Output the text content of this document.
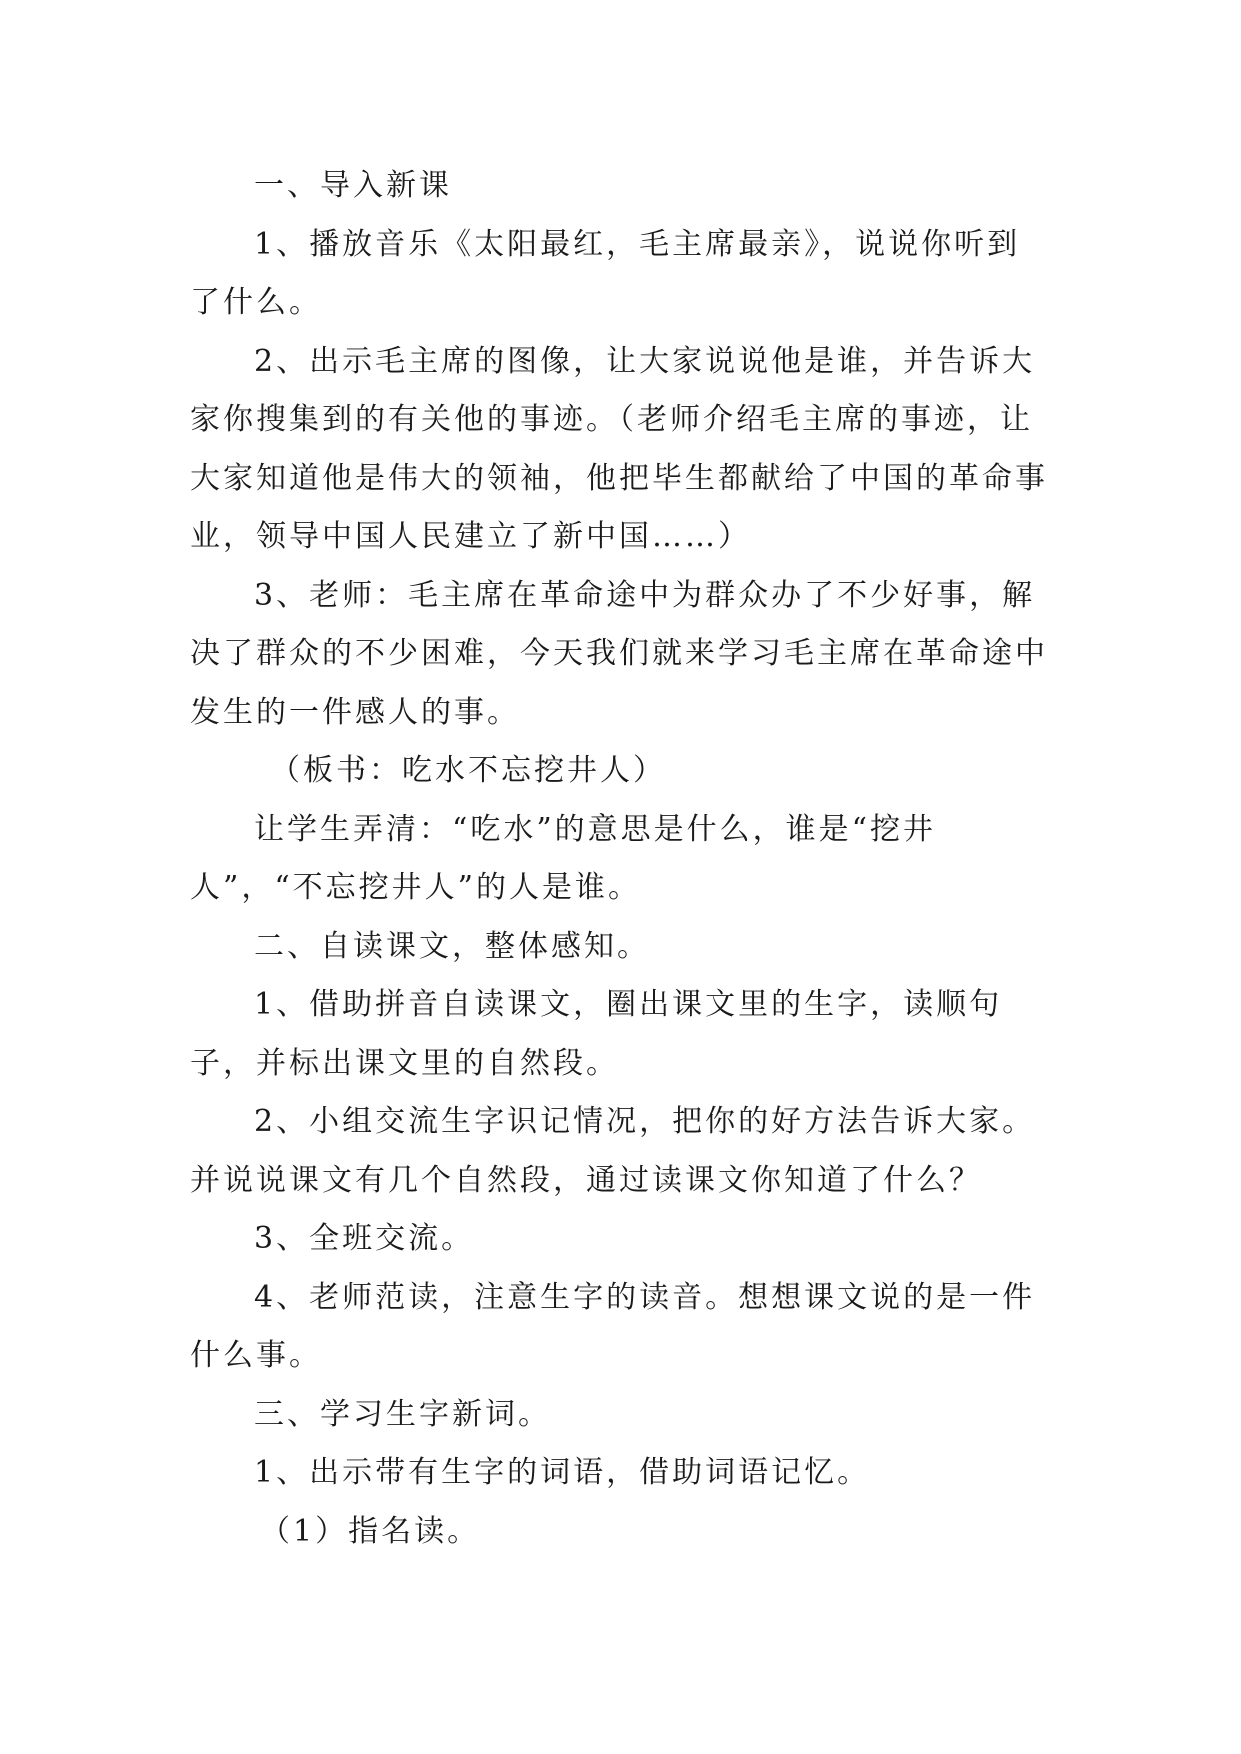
一、导入新课

1、播放音乐《太阳最红，毛主席最亲》，说说你听到了什么。

2、出示毛主席的图像，让大家说说他是谁，并告诉大家你搜集到的有关他的事迹。（老师介绍毛主席的事迹，让大家知道他是伟大的领袖，他把毕生都献给了中国的革命事业，领导中国人民建立了新中国……）

3、老师：毛主席在革命途中为群众办了不少好事，解决了群众的不少困难，今天我们就来学习毛主席在革命途中发生的一件感人的事。

（板书：吃水不忘挖井人）

让学生弄清：“吃水”的意思是什么，谁是“挖井人”，“不忘挖井人”的人是谁。

二、自读课文，整体感知。

1、借助拼音自读课文，圈出课文里的生字，读顺句子，并标出课文里的自然段。

2、小组交流生字识记情况，把你的好方法告诉大家。并说说课文有几个自然段，通过读课文你知道了什么？

3、全班交流。

4、老师范读，注意生字的读音。想想课文说的是一件什么事。

三、学习生字新词。

1、出示带有生字的词语，借助词语记忆。

（1）指名读。
